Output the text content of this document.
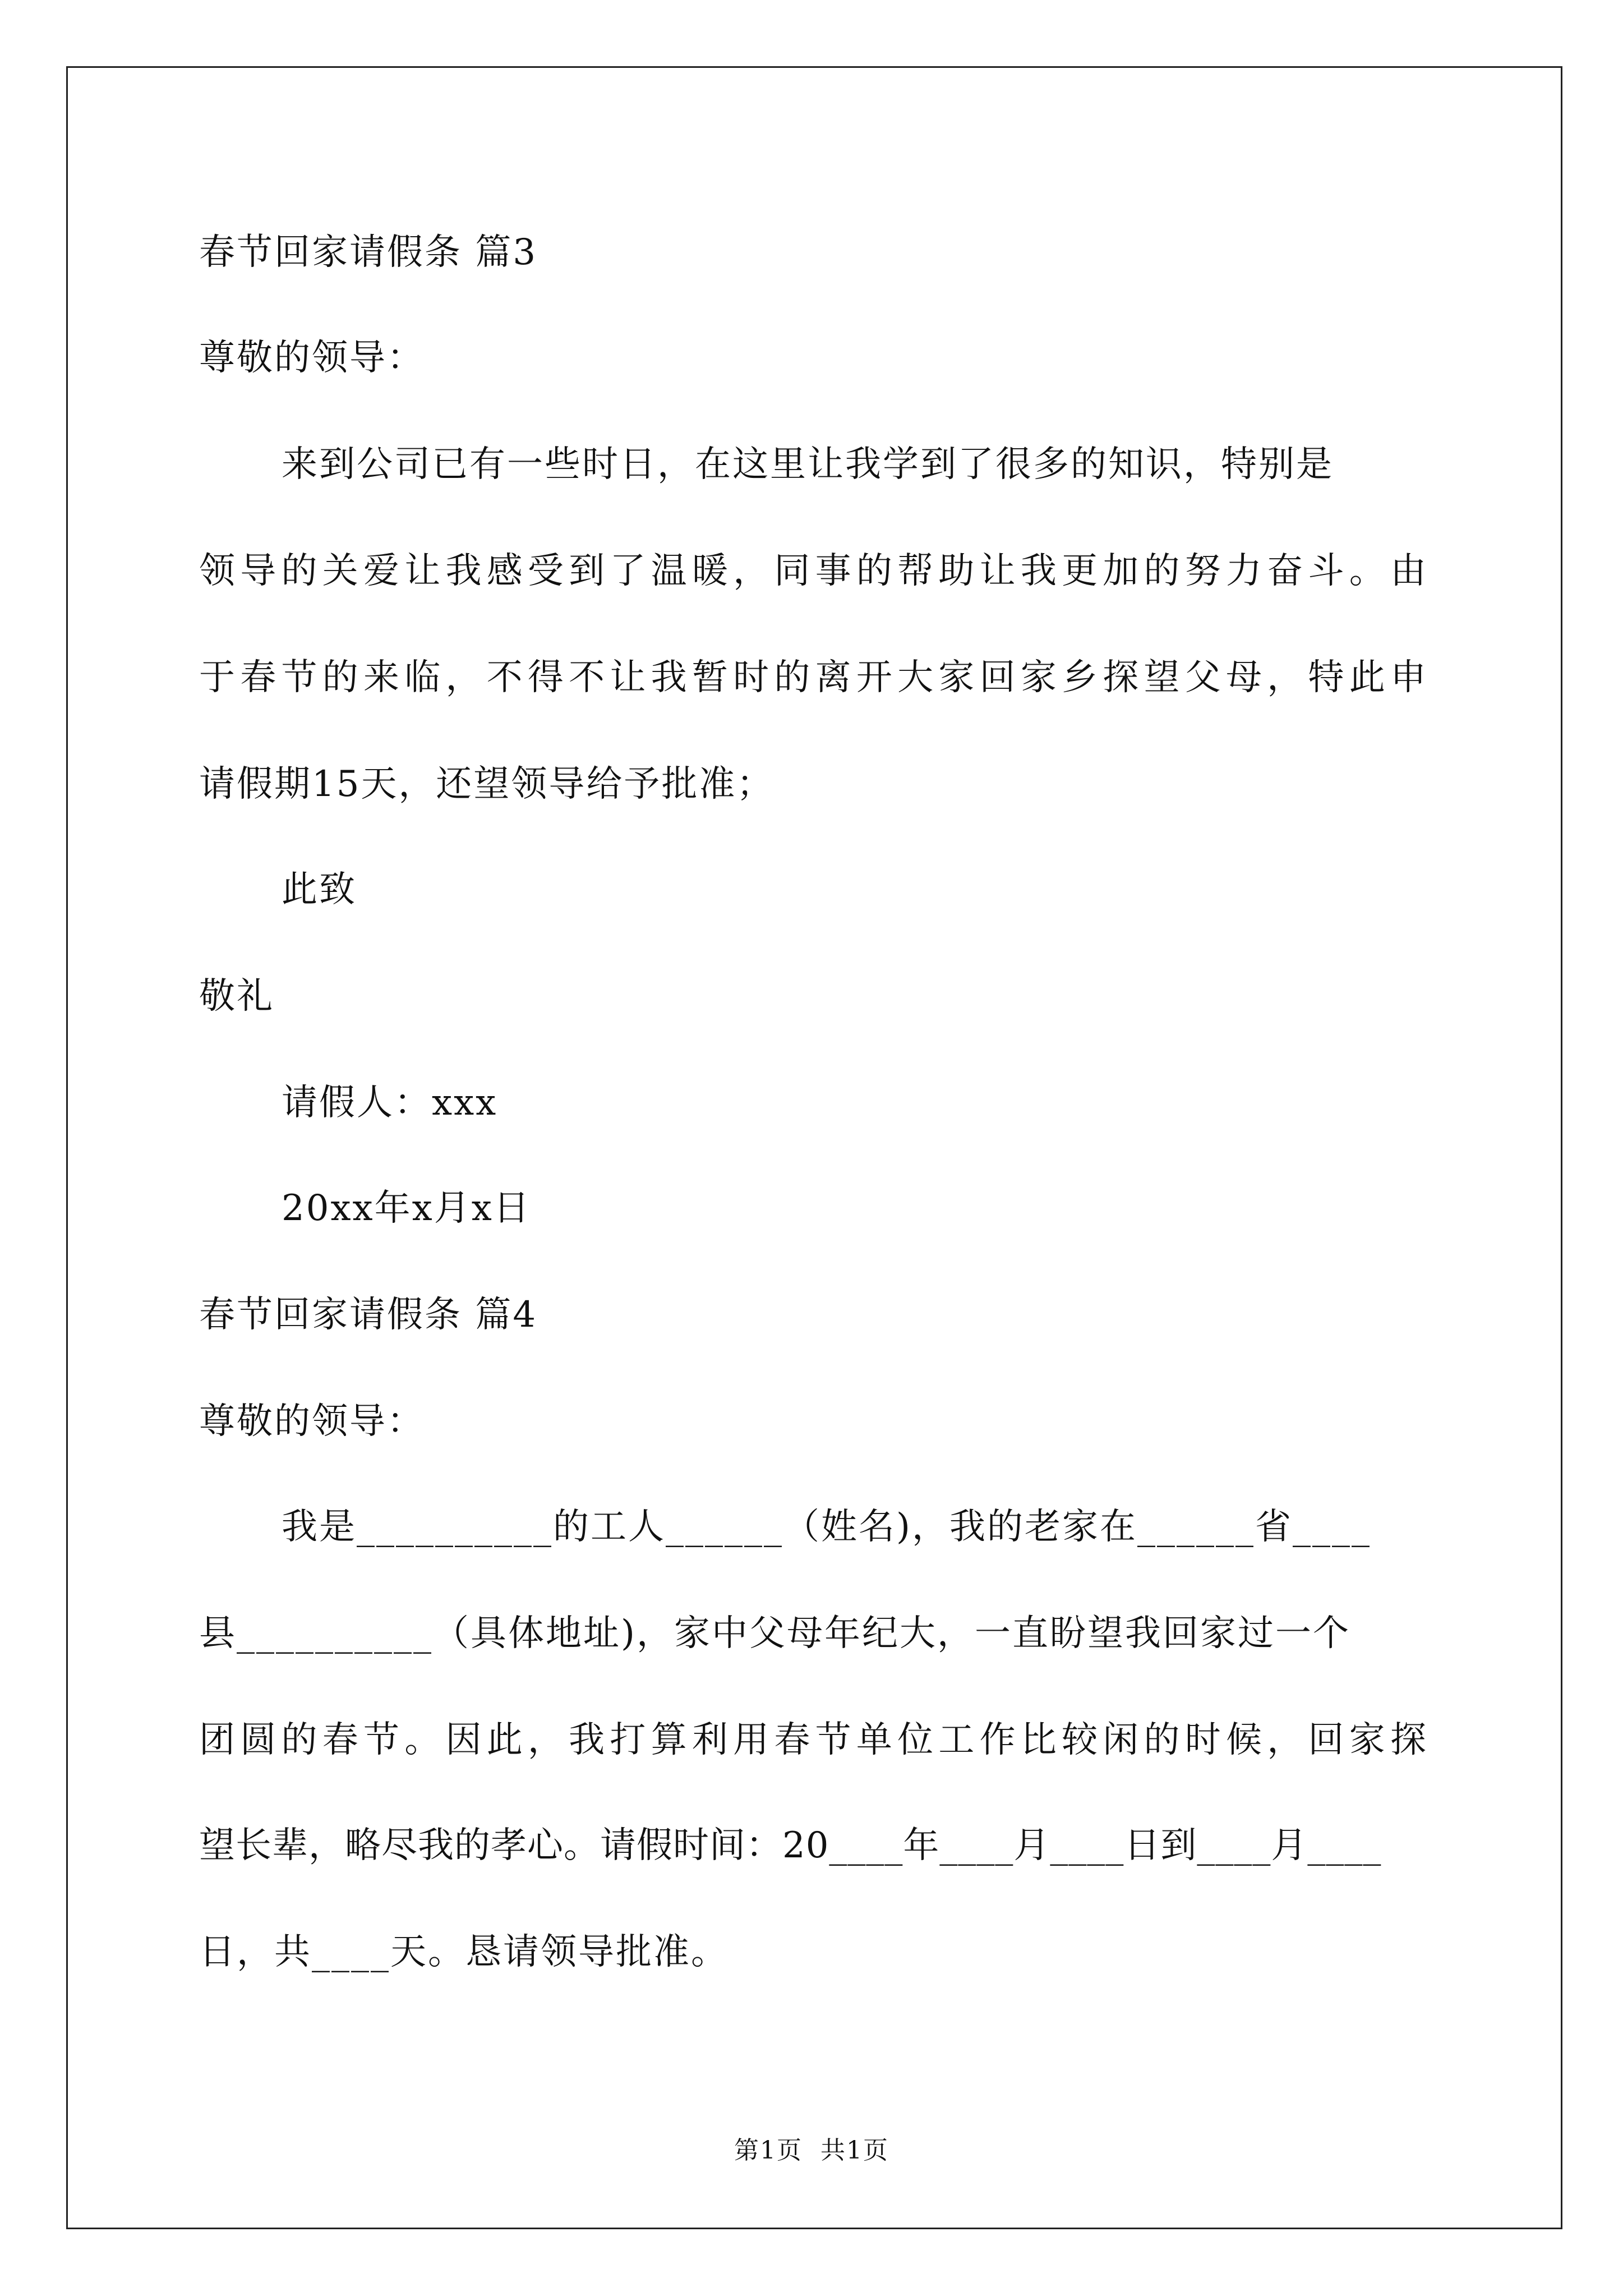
春节回家请假条 篇3
尊敬的领导：
来到公司已有一些时日，在这里让我学到了很多的知识，特别是
领导的关爱让我感受到了温暖，同事的帮助让我更加的努力奋斗。由
于春节的来临，不得不让我暂时的离开大家回家乡探望父母，特此申
请假期15天，还望领导给予批准；
此致
敬礼
请假人：xxx
20xx年x月x日
春节回家请假条 篇4
尊敬的领导：
我是__________的工人______（姓名)，我的老家在______省____
县__________（具体地址)，家中父母年纪大，一直盼望我回家过一个
团圆的春节。因此，我打算利用春节单位工作比较闲的时候，回家探
望长辈，略尽我的孝心。请假时间：20____年____月____日到____月____
日，共____天。恳请领导批准。
第1页  共1页
